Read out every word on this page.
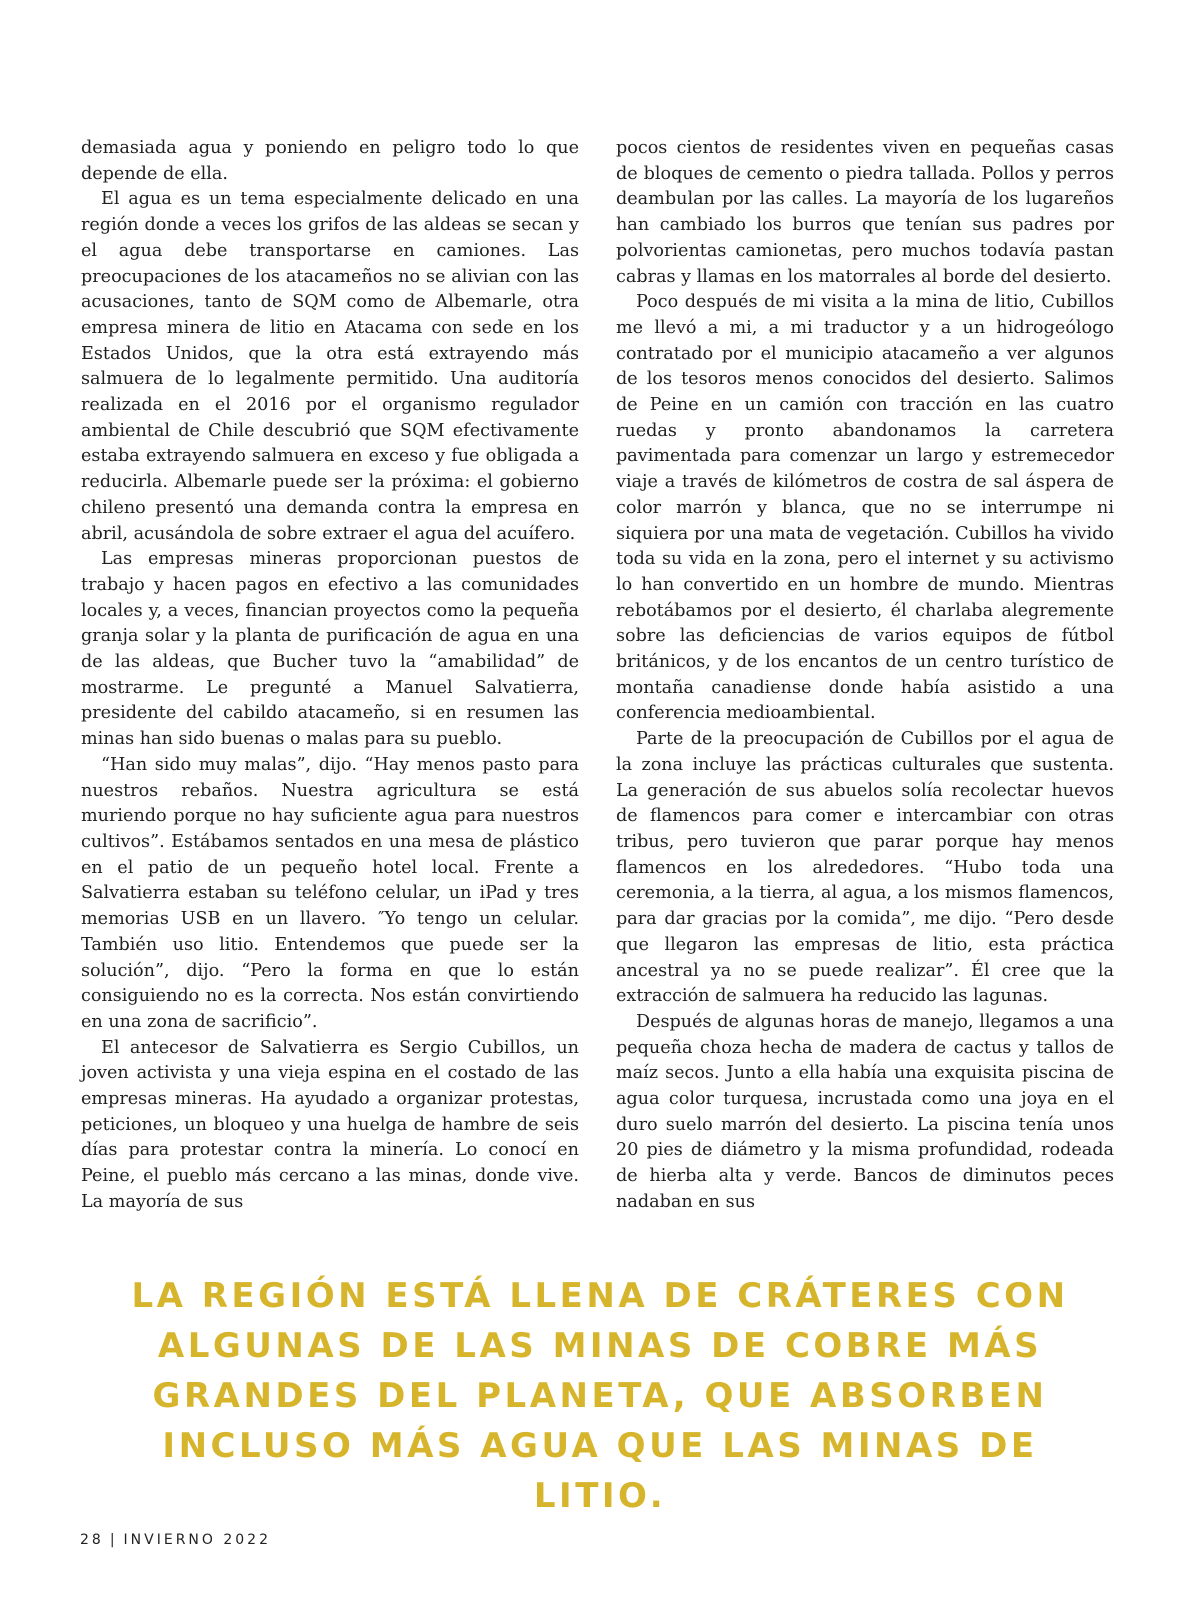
demasiada agua y poniendo en peligro todo lo que depende de ella.

El agua es un tema especialmente delicado en una región donde a veces los grifos de las aldeas se secan y el agua debe transportarse en camiones. Las preocupaciones de los atacameños no se alivian con las acusaciones, tanto de SQM como de Albemarle, otra empresa minera de litio en Atacama con sede en los Estados Unidos, que la otra está extrayendo más salmuera de lo legalmente permitido. Una auditoría realizada en el 2016 por el organismo regulador ambiental de Chile descubrió que SQM efectivamente estaba extrayendo salmuera en exceso y fue obligada a reducirla. Albemarle puede ser la próxima: el gobierno chileno presentó una demanda contra la empresa en abril, acusándola de sobre extraer el agua del acuífero.

Las empresas mineras proporcionan puestos de trabajo y hacen pagos en efectivo a las comunidades locales y, a veces, financian proyectos como la pequeña granja solar y la planta de purificación de agua en una de las aldeas, que Bucher tuvo la “amabilidad” de mostrarme. Le pregunté a Manuel Salvatierra, presidente del cabildo atacameño, si en resumen las minas han sido buenas o malas para su pueblo.

“Han sido muy malas”, dijo. “Hay menos pasto para nuestros rebaños. Nuestra agricultura se está muriendo porque no hay suficiente agua para nuestros cultivos”. Estábamos sentados en una mesa de plástico en el patio de un pequeño hotel local. Frente a Salvatierra estaban su teléfono celular, un iPad y tres memorias USB en un llavero. ″Yo tengo un celular. También uso litio. Entendemos que puede ser la solución”, dijo. “Pero la forma en que lo están consiguiendo no es la correcta. Nos están convirtiendo en una zona de sacrificio”.

El antecesor de Salvatierra es Sergio Cubillos, un joven activista y una vieja espina en el costado de las empresas mineras. Ha ayudado a organizar protestas, peticiones, un bloqueo y una huelga de hambre de seis días para protestar contra la minería. Lo conocí en Peine, el pueblo más cercano a las minas, donde vive. La mayoría de sus

pocos cientos de residentes viven en pequeñas casas de bloques de cemento o piedra tallada. Pollos y perros deambulan por las calles. La mayoría de los lugareños han cambiado los burros que tenían sus padres por polvorientas camionetas, pero muchos todavía pastan cabras y llamas en los matorrales al borde del desierto.

Poco después de mi visita a la mina de litio, Cubillos me llevó a mi, a mi traductor y a un hidrogeólogo contratado por el municipio atacameño a ver algunos de los tesoros menos conocidos del desierto. Salimos de Peine en un camión con tracción en las cuatro ruedas y pronto abandonamos la carretera pavimentada para comenzar un largo y estremecedor viaje a través de kilómetros de costra de sal áspera de color marrón y blanca, que no se interrumpe ni siquiera por una mata de vegetación. Cubillos ha vivido toda su vida en la zona, pero el internet y su activismo lo han convertido en un hombre de mundo. Mientras rebotábamos por el desierto, él charlaba alegremente sobre las deficiencias de varios equipos de fútbol británicos, y de los encantos de un centro turístico de montaña canadiense donde había asistido a una conferencia medioambiental.

Parte de la preocupación de Cubillos por el agua de la zona incluye las prácticas culturales que sustenta. La generación de sus abuelos solía recolectar huevos de flamencos para comer e intercambiar con otras tribus, pero tuvieron que parar porque hay menos flamencos en los alrededores. “Hubo toda una ceremonia, a la tierra, al agua, a los mismos flamencos, para dar gracias por la comida”, me dijo. “Pero desde que llegaron las empresas de litio, esta práctica ancestral ya no se puede realizar”. Él cree que la extracción de salmuera ha reducido las lagunas.

Después de algunas horas de manejo, llegamos a una pequeña choza hecha de madera de cactus y tallos de maíz secos. Junto a ella había una exquisita piscina de agua color turquesa, incrustada como una joya en el duro suelo marrón del desierto. La piscina tenía unos 20 pies de diámetro y la misma profundidad, rodeada de hierba alta y verde. Bancos de diminutos peces nadaban en sus

LA REGIÓN ESTÁ LLENA DE CRÁTERES CON ALGUNAS DE LAS MINAS DE COBRE MÁS GRANDES DEL PLANETA, QUE ABSORBEN INCLUSO MÁS AGUA QUE LAS MINAS DE LITIO.

28 | INVIERNO 2022
